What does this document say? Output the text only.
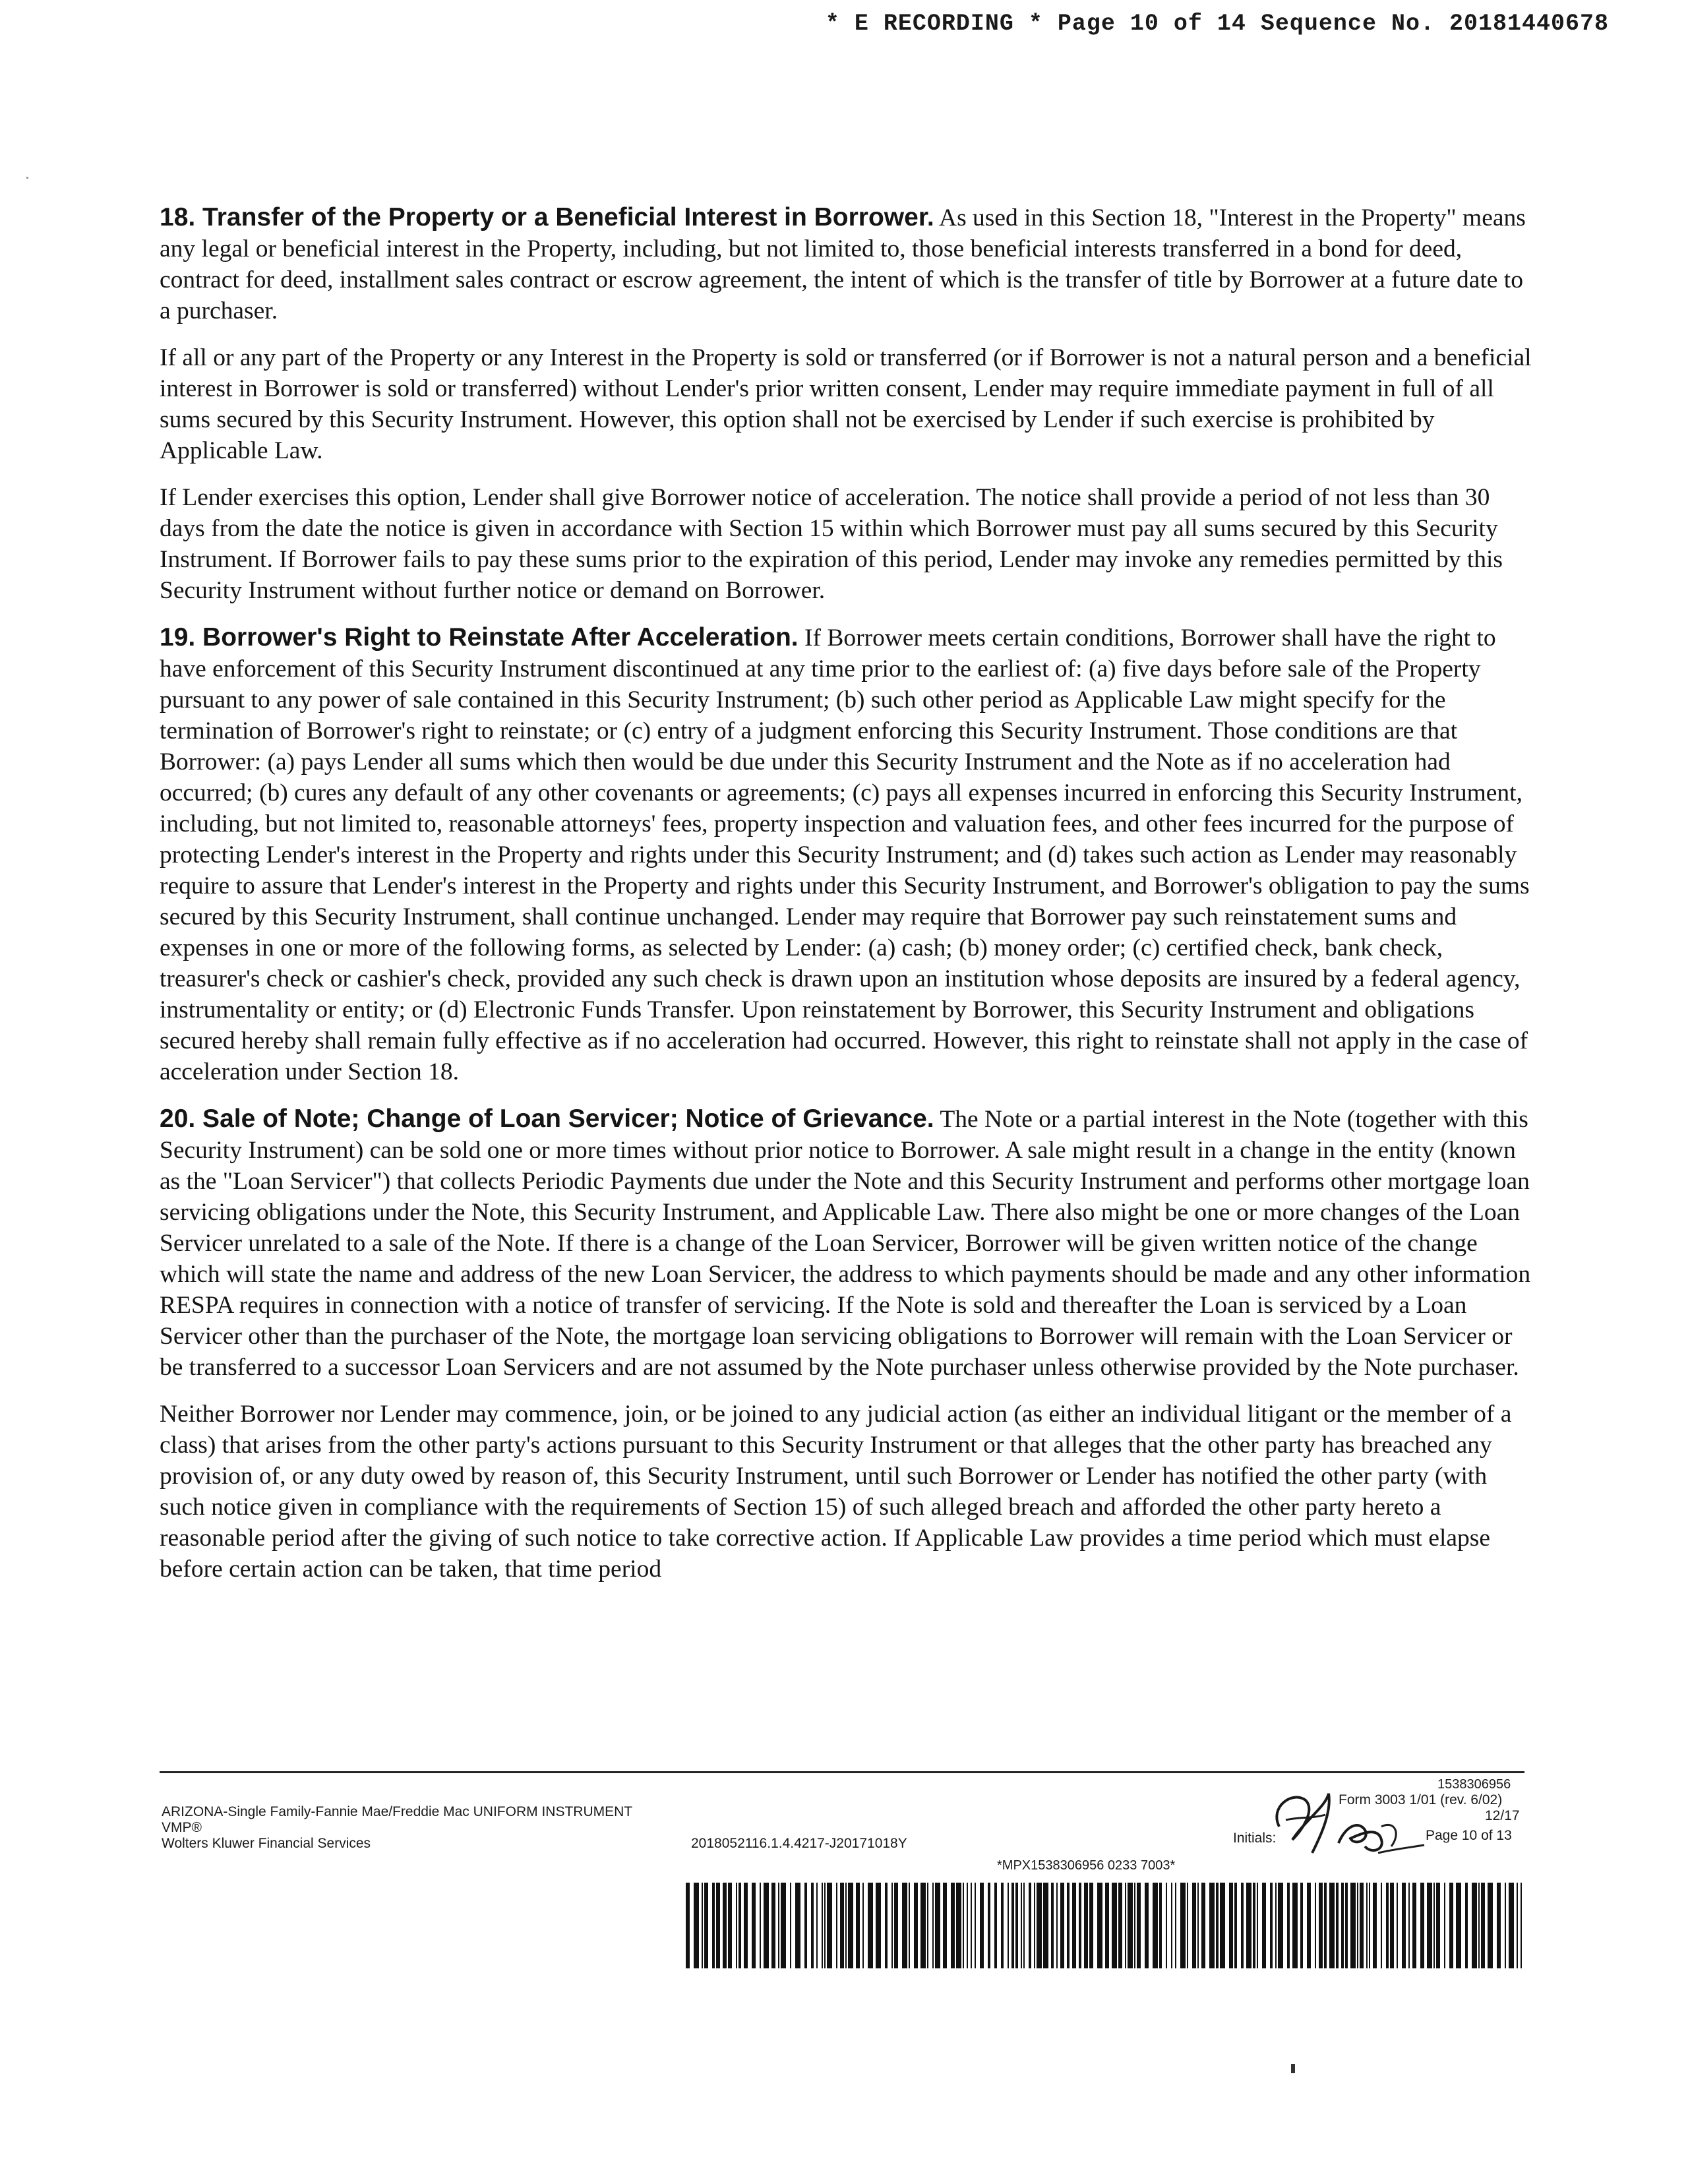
* E RECORDING * Page 10 of 14 Sequence No. 20181440678

18. Transfer of the Property or a Beneficial Interest in Borrower. As used in this Section 18, "Interest in the Property" means any legal or beneficial interest in the Property, including, but not limited to, those beneficial interests transferred in a bond for deed, contract for deed, installment sales contract or escrow agreement, the intent of which is the transfer of title by Borrower at a future date to a purchaser.

If all or any part of the Property or any Interest in the Property is sold or transferred (or if Borrower is not a natural person and a beneficial interest in Borrower is sold or transferred) without Lender's prior written consent, Lender may require immediate payment in full of all sums secured by this Security Instrument. However, this option shall not be exercised by Lender if such exercise is prohibited by Applicable Law.

If Lender exercises this option, Lender shall give Borrower notice of acceleration. The notice shall provide a period of not less than 30 days from the date the notice is given in accordance with Section 15 within which Borrower must pay all sums secured by this Security Instrument. If Borrower fails to pay these sums prior to the expiration of this period, Lender may invoke any remedies permitted by this Security Instrument without further notice or demand on Borrower.

19. Borrower's Right to Reinstate After Acceleration. If Borrower meets certain conditions, Borrower shall have the right to have enforcement of this Security Instrument discontinued at any time prior to the earliest of: (a) five days before sale of the Property pursuant to any power of sale contained in this Security Instrument; (b) such other period as Applicable Law might specify for the termination of Borrower's right to reinstate; or (c) entry of a judgment enforcing this Security Instrument. Those conditions are that Borrower: (a) pays Lender all sums which then would be due under this Security Instrument and the Note as if no acceleration had occurred; (b) cures any default of any other covenants or agreements; (c) pays all expenses incurred in enforcing this Security Instrument, including, but not limited to, reasonable attorneys' fees, property inspection and valuation fees, and other fees incurred for the purpose of protecting Lender's interest in the Property and rights under this Security Instrument; and (d) takes such action as Lender may reasonably require to assure that Lender's interest in the Property and rights under this Security Instrument, and Borrower's obligation to pay the sums secured by this Security Instrument, shall continue unchanged. Lender may require that Borrower pay such reinstatement sums and expenses in one or more of the following forms, as selected by Lender: (a) cash; (b) money order; (c) certified check, bank check, treasurer's check or cashier's check, provided any such check is drawn upon an institution whose deposits are insured by a federal agency, instrumentality or entity; or (d) Electronic Funds Transfer. Upon reinstatement by Borrower, this Security Instrument and obligations secured hereby shall remain fully effective as if no acceleration had occurred. However, this right to reinstate shall not apply in the case of acceleration under Section 18.

20. Sale of Note; Change of Loan Servicer; Notice of Grievance. The Note or a partial interest in the Note (together with this Security Instrument) can be sold one or more times without prior notice to Borrower. A sale might result in a change in the entity (known as the "Loan Servicer") that collects Periodic Payments due under the Note and this Security Instrument and performs other mortgage loan servicing obligations under the Note, this Security Instrument, and Applicable Law. There also might be one or more changes of the Loan Servicer unrelated to a sale of the Note. If there is a change of the Loan Servicer, Borrower will be given written notice of the change which will state the name and address of the new Loan Servicer, the address to which payments should be made and any other information RESPA requires in connection with a notice of transfer of servicing. If the Note is sold and thereafter the Loan is serviced by a Loan Servicer other than the purchaser of the Note, the mortgage loan servicing obligations to Borrower will remain with the Loan Servicer or be transferred to a successor Loan Servicers and are not assumed by the Note purchaser unless otherwise provided by the Note purchaser.

Neither Borrower nor Lender may commence, join, or be joined to any judicial action (as either an individual litigant or the member of a class) that arises from the other party's actions pursuant to this Security Instrument or that alleges that the other party has breached any provision of, or any duty owed by reason of, this Security Instrument, until such Borrower or Lender has notified the other party (with such notice given in compliance with the requirements of Section 15) of such alleged breach and afforded the other party hereto a reasonable period after the giving of such notice to take corrective action. If Applicable Law provides a time period which must elapse before certain action can be taken, that time period

1538306956
ARIZONA-Single Family-Fannie Mae/Freddie Mac UNIFORM INSTRUMENT
VMP®
Wolters Kluwer Financial Services	2018052116.1.4.4217-J20171018Y
Form 3003 1/01 (rev. 6/02)
12/17
Initials:	Page 10 of 13
*MPX1538306956 0233 7003*
